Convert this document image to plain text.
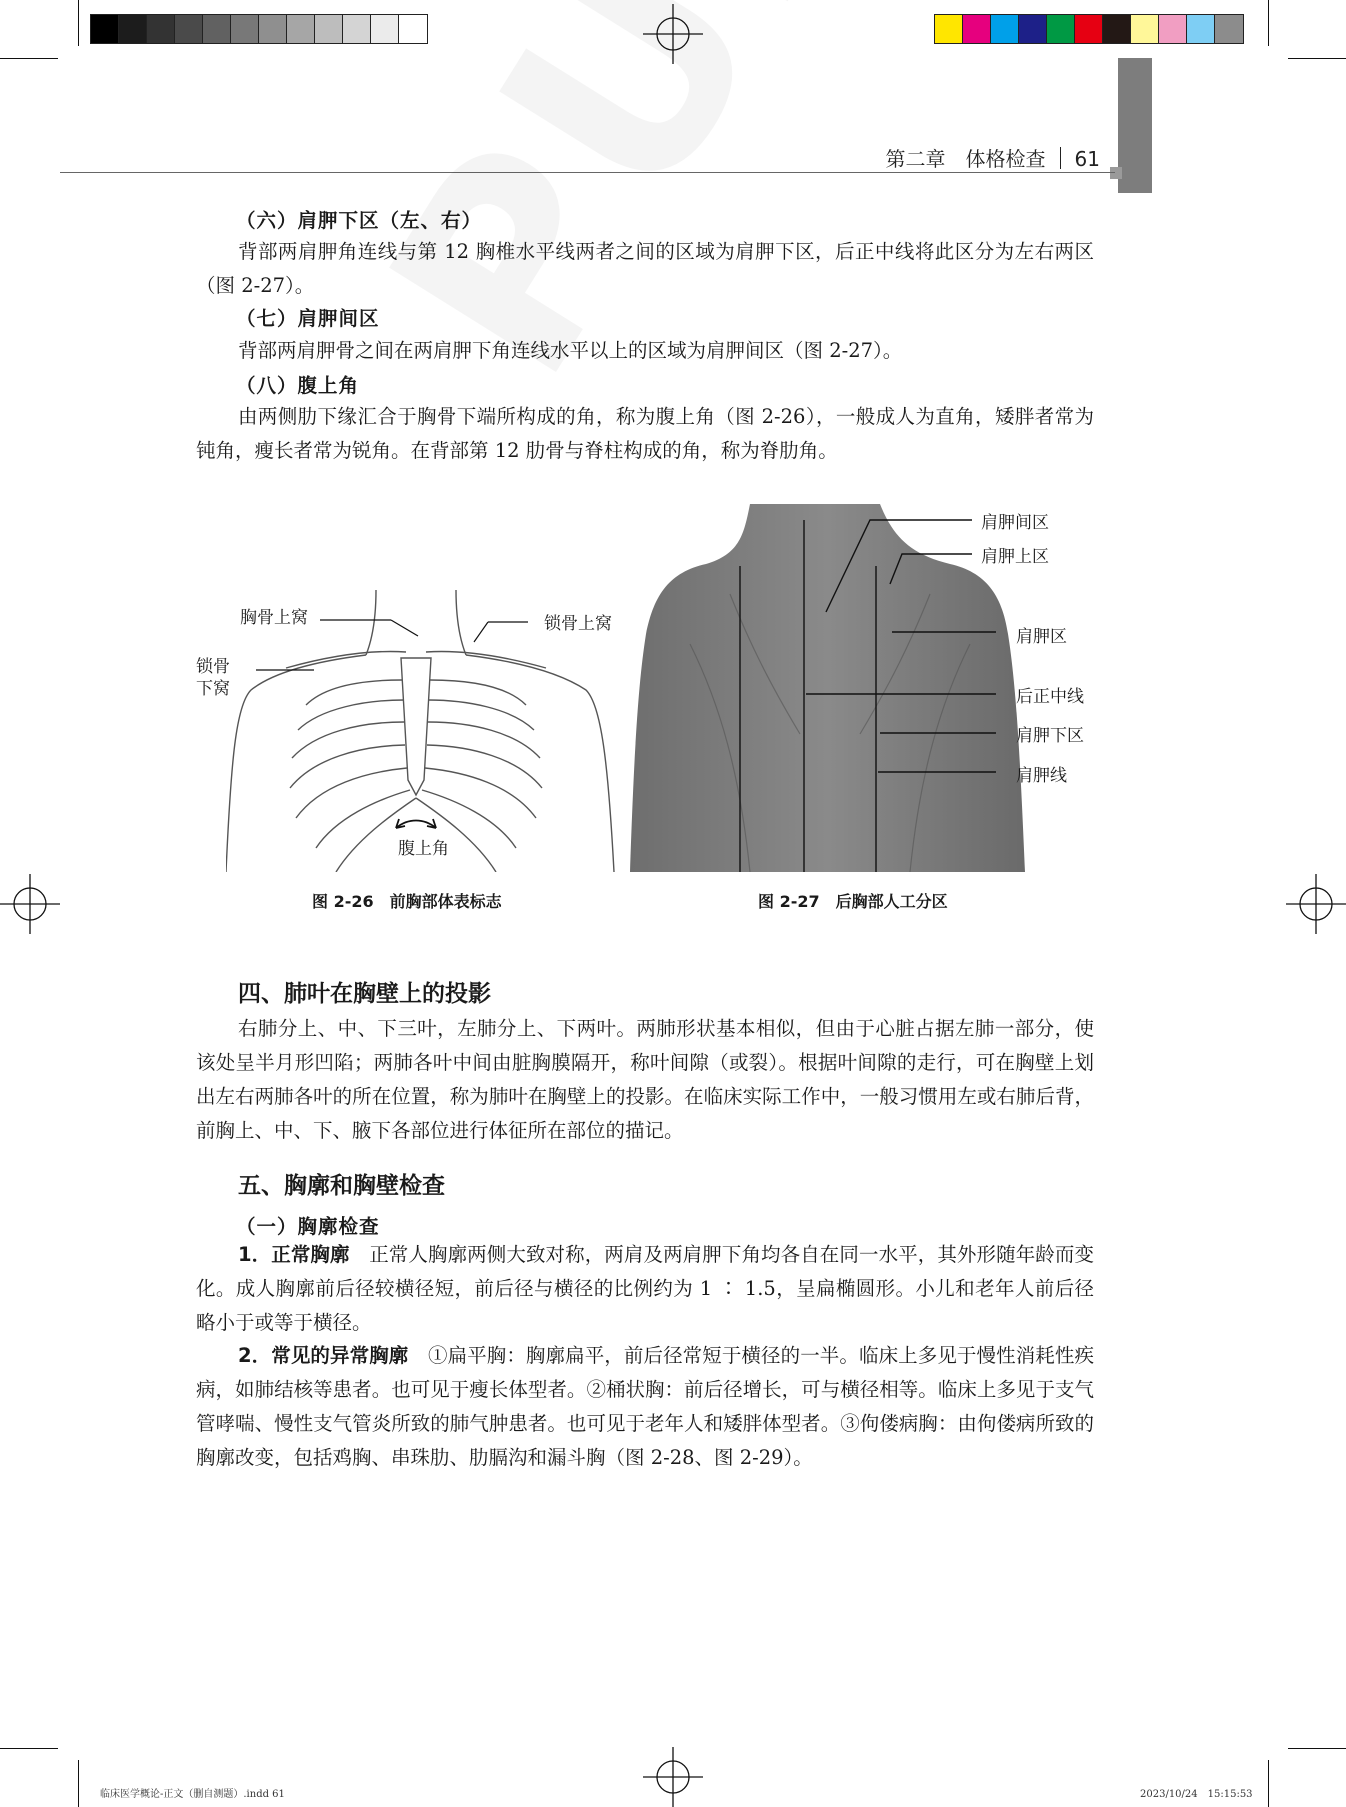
第二章　体格检查 61
（六）肩胛下区（左、右）
背部两肩胛角连线与第 12 胸椎水平线两者之间的区域为肩胛下区，后正中线将此区分为左右两区（图 2-27）。
（七）肩胛间区
背部两肩胛骨之间在两肩胛下角连线水平以上的区域为肩胛间区（图 2-27）。
（八）腹上角
由两侧肋下缘汇合于胸骨下端所构成的角，称为腹上角（图 2-26），一般成人为直角，矮胖者常为钝角，瘦长者常为锐角。在背部第 12 肋骨与脊柱构成的角，称为脊肋角。
胸骨上窝	锁骨上窝
锁骨
下窝
腹上角
肩胛间区
肩胛上区
肩胛区
后正中线
肩胛下区
肩胛线
图 2-26　前胸部体表标志	图 2-27　后胸部人工分区
四、肺叶在胸壁上的投影
右肺分上、中、下三叶，左肺分上、下两叶。两肺形状基本相似，但由于心脏占据左肺一部分，使该处呈半月形凹陷；两肺各叶中间由脏胸膜隔开，称叶间隙（或裂）。根据叶间隙的走行，可在胸壁上划出左右两肺各叶的所在位置，称为肺叶在胸壁上的投影。在临床实际工作中，一般习惯用左或右肺后背，前胸上、中、下、腋下各部位进行体征所在部位的描记。
五、胸廓和胸壁检查
（一）胸廓检查
1．正常胸廓　 正常人胸廓两侧大致对称，两肩及两肩胛下角均各自在同一水平，其外形随年龄而变化。成人胸廓前后径较横径短，前后径与横径的比例约为 1 ∶ 1.5，呈扁椭圆形。小儿和老年人前后径略小于或等于横径。
2．常见的异常胸廓　 ①扁平胸：胸廓扁平，前后径常短于横径的一半。临床上多见于慢性消耗性疾病，如肺结核等患者。也可见于瘦长体型者。②桶状胸：前后径增长，可与横径相等。临床上多见于支气管哮喘、慢性支气管炎所致的肺气肿患者。也可见于老年人和矮胖体型者。③佝偻病胸：由佝偻病所致的胸廓改变，包括鸡胸、串珠肋、肋膈沟和漏斗胸（图 2-28、图 2-29）。
临床医学概论-正文（删自测题）.indd 61	2023/10/24　15:15:53
